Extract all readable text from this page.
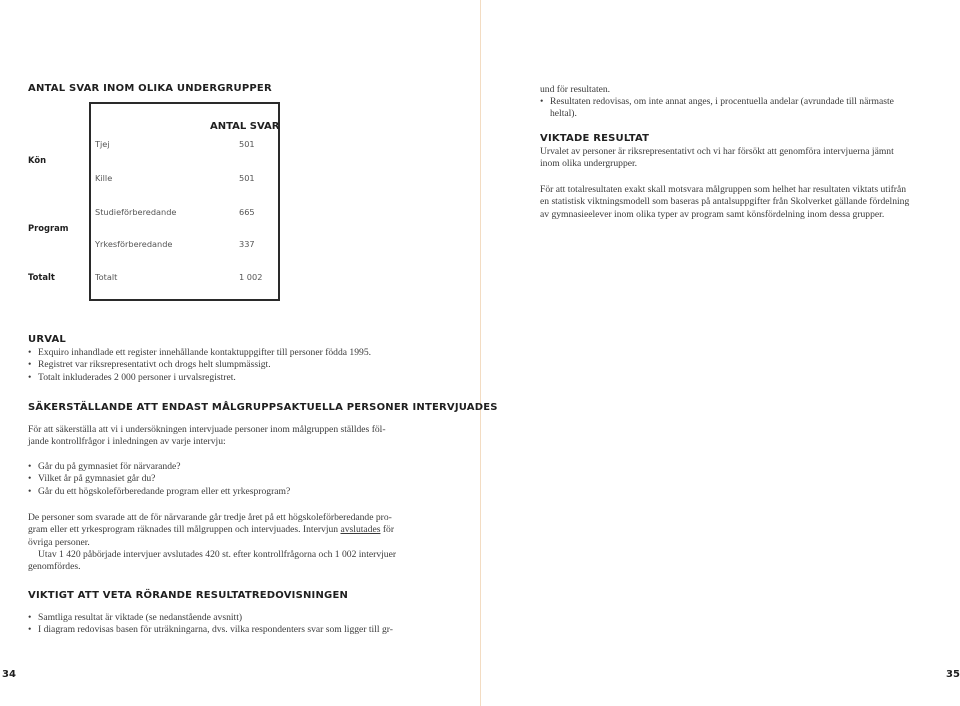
ANTAL SVAR INOM OLIKA UNDERGRUPPER
ANTAL SVAR
Kön
Tjej	501
Kille	501
Program
Studieförberedande	665
Yrkesförberedande	337
Totalt	Totalt	1 002
URVAL
• Exquiro inhandlade ett register innehållande kontaktuppgifter till personer födda 1995.
• Registret var riksrepresentativt och drogs helt slumpmässigt.
• Totalt inkluderades 2 000 personer i urvalsregistret.
SÄKERSTÄLLANDE ATT ENDAST MÅLGRUPPSAKTUELLA PERSONER INTERVJUADES

För att säkerställa att vi i undersökningen intervjuade personer inom målgruppen ställdes föl-

jande kontrollfrågor i inledningen av varje intervju:

• Går du på gymnasiet för närvarande?
• Vilket år på gymnasiet går du?
• Går du ett högskoleförberedande program eller ett yrkesprogram?

De personer som svarade att de för närvarande går tredje året på ett högskoleförberedande pro-

gram eller ett yrkesprogram räknades till målgruppen och intervjuades. Intervjun avslutades för

övriga personer.

Utav 1 420 påbörjade intervjuer avslutades 420 st. efter kontrollfrågorna och 1 002 intervjuer

genomfördes.

VIKTIGT ATT VETA RÖRANDE RESULTATREDOVISNINGEN
• Samtliga resultat är viktade (se nedanstående avsnitt)
• I diagram redovisas basen för uträkningarna, dvs. vilka respondenters svar som ligger till gr-
34

und för resultaten.

• Resultaten redovisas, om inte annat anges, i procentuella andelar (avrundade till närmaste
heltal).
VIKTADE RESULTAT

Urvalet av personer är riksrepresentativt och vi har försökt att genomföra intervjuerna jämnt

inom olika undergrupper.

För att totalresultaten exakt skall motsvara målgruppen som helhet har resultaten viktats utifrån

en statistisk viktningsmodell som baseras på antalsuppgifter från Skolverket gällande fördelning

av gymnasieelever inom olika typer av program samt könsfördelning inom dessa grupper.

35
